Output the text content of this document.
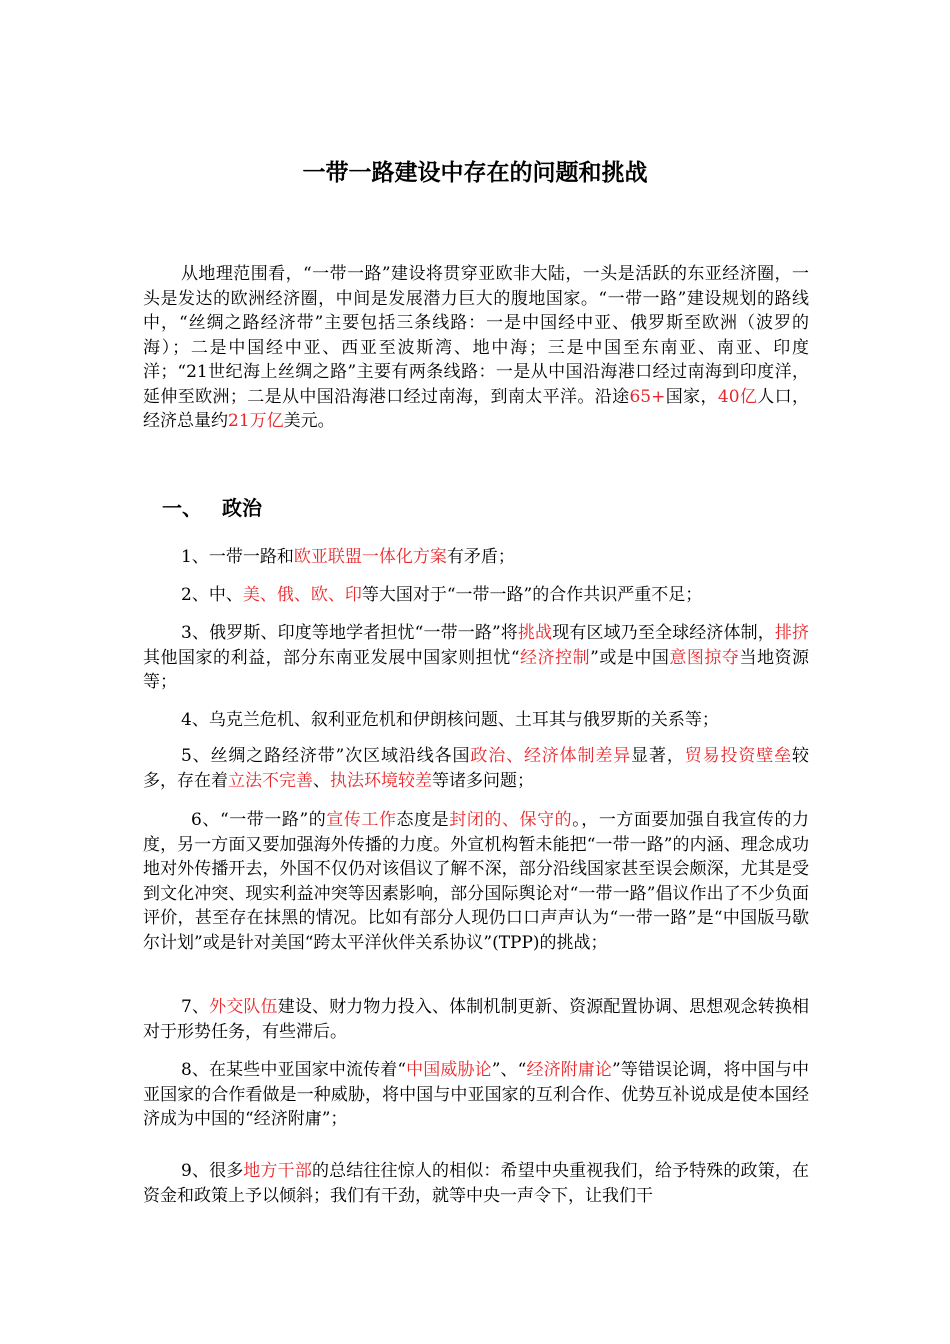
一带一路建设中存在的问题和挑战

从地理范围看，“一带一路”建设将贯穿亚欧非大陆，一头是活跃的东亚经济圈，一头是发达的欧洲经济圈，中间是发展潜力巨大的腹地国家。“一带一路”建设规划的路线中，“丝绸之路经济带”主要包括三条线路：一是中国经中亚、俄罗斯至欧洲（波罗的海）；二是中国经中亚、西亚至波斯湾、地中海；三是中国至东南亚、南亚、印度洋；“21世纪海上丝绸之路”主要有两条线路：一是从中国沿海港口经过南海到印度洋，延伸至欧洲；二是从中国沿海港口经过南海，到南太平洋。沿途65+国家，40亿人口，经济总量约21万亿美元。

一、 政治

1、一带一路和欧亚联盟一体化方案有矛盾；

2、中、美、俄、欧、印等大国对于“一带一路”的合作共识严重不足；

3、俄罗斯、印度等地学者担忧“一带一路”将挑战现有区域乃至全球经济体制，排挤其他国家的利益，部分东南亚发展中国家则担忧“经济控制”或是中国意图掠夺当地资源等；

4、乌克兰危机、叙利亚危机和伊朗核问题、土耳其与俄罗斯的关系等；

5、丝绸之路经济带”次区域沿线各国政治、经济体制差异显著，贸易投资壁垒较多，存在着立法不完善、执法环境较差等诸多问题；

6、“一带一路”的宣传工作态度是封闭的、保守的。，一方面要加强自我宣传的力度，另一方面又要加强海外传播的力度。外宣机构暂未能把“一带一路”的内涵、理念成功地对外传播开去，外国不仅仍对该倡议了解不深，部分沿线国家甚至误会颇深，尤其是受到文化冲突、现实利益冲突等因素影响，部分国际舆论对“一带一路”倡议作出了不少负面评价，甚至存在抹黑的情况。比如有部分人现仍口口声声认为“一带一路”是“中国版马歇尔计划”或是针对美国“跨太平洋伙伴关系协议”(TPP)的挑战；

7、外交队伍建设、财力物力投入、体制机制更新、资源配置协调、思想观念转换相对于形势任务，有些滞后。

8、在某些中亚国家中流传着“中国威胁论”、“经济附庸论”等错误论调，将中国与中亚国家的合作看做是一种威胁，将中国与中亚国家的互利合作、优势互补说成是使本国经济成为中国的“经济附庸”；

9、很多地方干部的总结往往惊人的相似：希望中央重视我们，给予特殊的政策，在资金和政策上予以倾斜；我们有干劲，就等中央一声令下，让我们干
